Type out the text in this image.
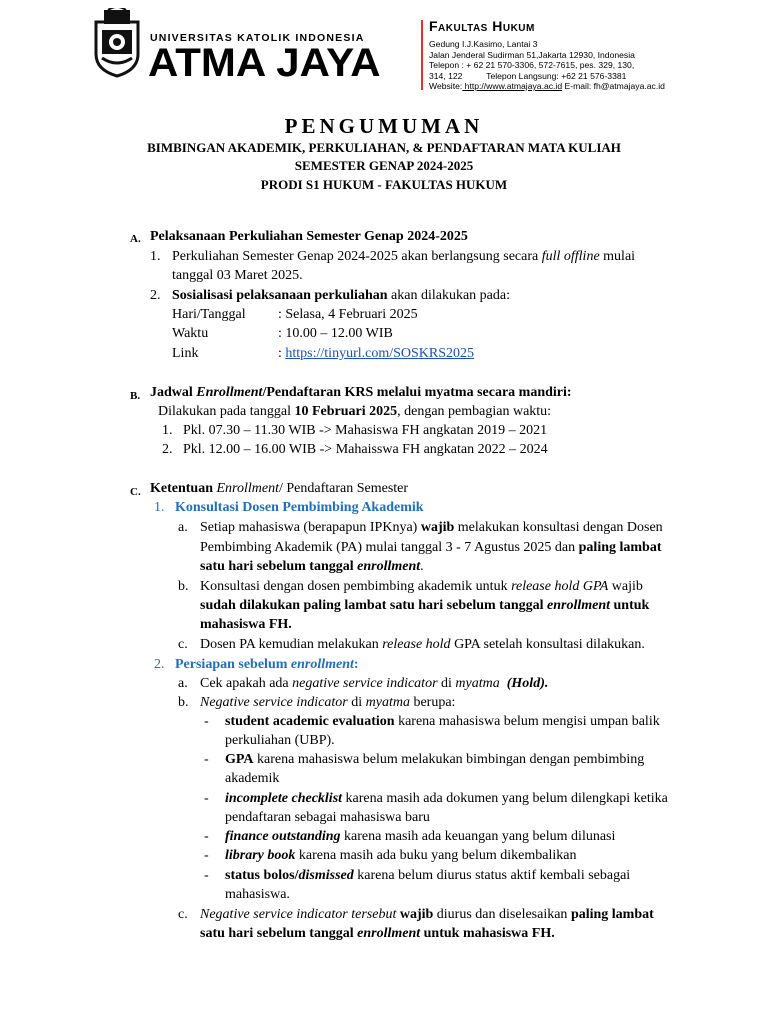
UNIVERSITAS KATOLIK INDONESIA
ATMA JAYA
Fakultas Hukum
Gedung I.J.Kasimo, Lantai 3
Jalan Jenderal Sudirman 51,Jakarta 12930, Indonesia
Telepon : + 62 21 570-3306, 572-7615, pes. 329, 130,
314, 122          Telepon Langsung: +62 21 576-3381
Website: http://www.atmajaya.ac.id E-mail: fh@atmajaya.ac.id
PENGUMUMAN
BIMBINGAN AKADEMIK, PERKULIAHAN, & PENDAFTARAN MATA KULIAH
SEMESTER GENAP 2024-2025
PRODI S1 HUKUM - FAKULTAS HUKUM
A. Pelaksanaan Perkuliahan Semester Genap 2024-2025
1. Perkuliahan Semester Genap 2024-2025 akan berlangsung secara full offline mulai
tanggal 03 Maret 2025.
2. Sosialisasi pelaksanaan perkuliahan akan dilakukan pada:
Hari/Tanggal : Selasa, 4 Februari 2025
Waktu	: 10.00 – 12.00 WIB
Link	: https://tinyurl.com/SOSKRS2025
B. Jadwal Enrollment/Pendaftaran KRS melalui myatma secara mandiri:
Dilakukan pada tanggal 10 Februari 2025, dengan pembagian waktu:
1. Pkl. 07.30 – 11.30 WIB -> Mahasiswa FH angkatan 2019 – 2021
2. Pkl. 12.00 – 16.00 WIB -> Mahaisswa FH angkatan 2022 – 2024
C. Ketentuan Enrollment/ Pendaftaran Semester
1. Konsultasi Dosen Pembimbing Akademik
a. Setiap mahasiswa (berapapun IPKnya) wajib melakukan konsultasi dengan Dosen
Pembimbing Akademik (PA) mulai tanggal 3 - 7 Agustus 2025 dan paling lambat
satu hari sebelum tanggal enrollment.
b. Konsultasi dengan dosen pembimbing akademik untuk release hold GPA wajib
sudah dilakukan paling lambat satu hari sebelum tanggal enrollment untuk
mahasiswa FH.
c. Dosen PA kemudian melakukan release hold GPA setelah konsultasi dilakukan.
2. Persiapan sebelum enrollment:
a. Cek apakah ada negative service indicator di myatma  (Hold).
b. Negative service indicator di myatma berupa:
- student academic evaluation karena mahasiswa belum mengisi umpan balik
perkuliahan (UBP).
- GPA karena mahasiswa belum melakukan bimbingan dengan pembimbing
akademik
- incomplete checklist karena masih ada dokumen yang belum dilengkapi ketika
pendaftaran sebagai mahasiswa baru
- finance outstanding karena masih ada keuangan yang belum dilunasi
- library book karena masih ada buku yang belum dikembalikan
- status bolos/dismissed karena belum diurus status aktif kembali sebagai
mahasiswa.
c. Negative service indicator tersebut wajib diurus dan diselesaikan paling lambat
satu hari sebelum tanggal enrollment untuk mahasiswa FH.
